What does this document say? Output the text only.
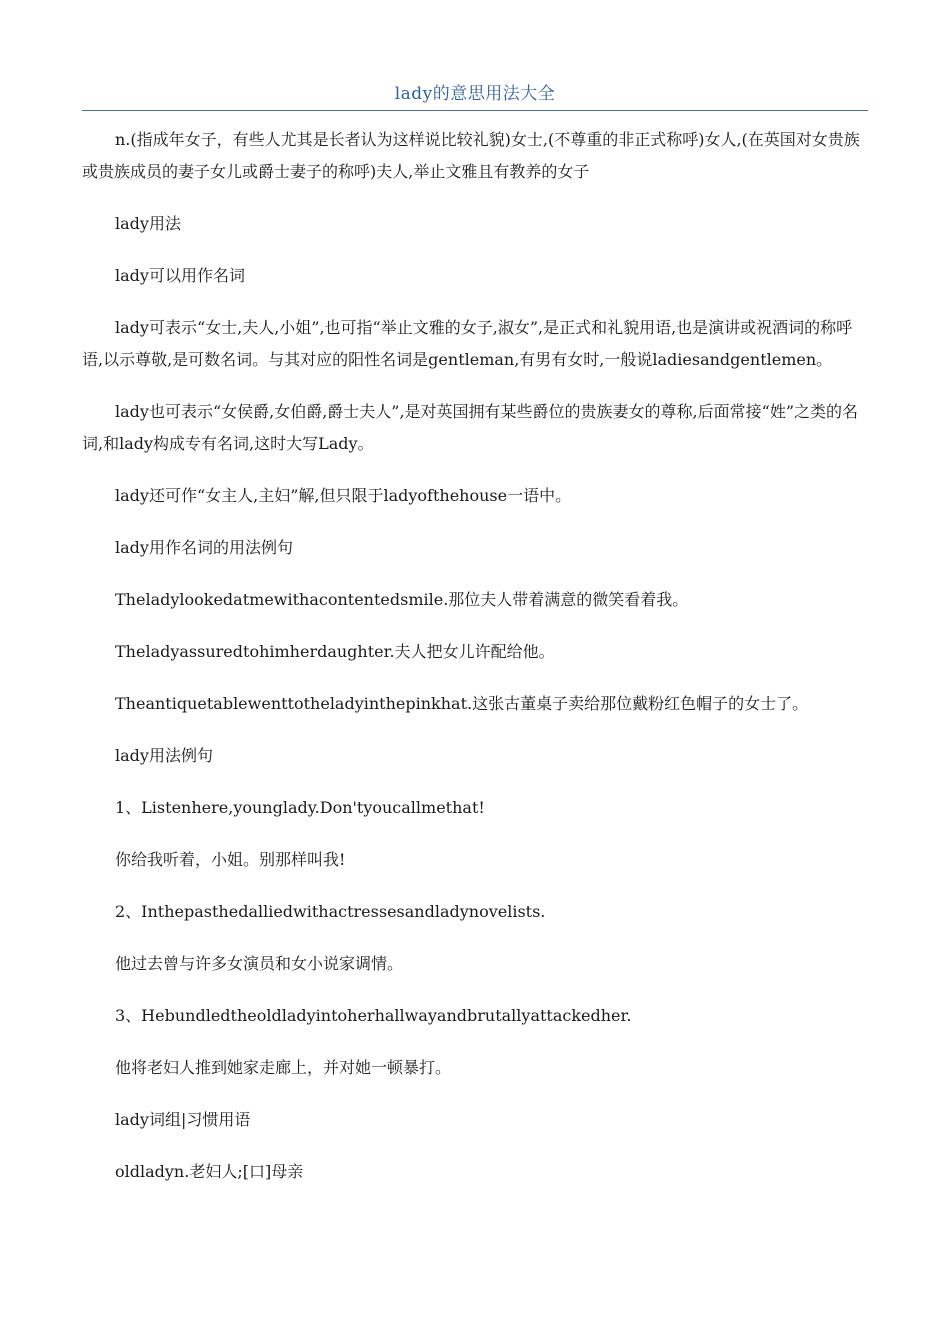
lady的意思用法大全

n.(指成年女子，有些人尤其是长者认为这样说比较礼貌)女士,(不尊重的非正式称呼)女人,(在英国对女贵族或贵族成员的妻子女儿或爵士妻子的称呼)夫人,举止文雅且有教养的女子

lady用法

lady可以用作名词

lady可表示“女士,夫人,小姐”,也可指“举止文雅的女子,淑女”,是正式和礼貌用语,也是演讲或祝酒词的称呼语,以示尊敬,是可数名词。与其对应的阳性名词是gentleman,有男有女时,一般说ladiesandgentlemen。

lady也可表示“女侯爵,女伯爵,爵士夫人”,是对英国拥有某些爵位的贵族妻女的尊称,后面常接“姓”之类的名词,和lady构成专有名词,这时大写Lady。

lady还可作“女主人,主妇”解,但只限于ladyofthehouse一语中。

lady用作名词的用法例句

Theladylookedatmewithacontentedsmile.那位夫人带着满意的微笑看着我。

Theladyassuredtohimherdaughter.夫人把女儿许配给他。

Theantiquetablewenttotheladyinthepinkhat.这张古董桌子卖给那位戴粉红色帽子的女士了。

lady用法例句

1、Listenhere,younglady.Don'tyoucallmethat!

你给我听着，小姐。别那样叫我!

2、Inthepasthedalliedwithactressesandladynovelists.

他过去曾与许多女演员和女小说家调情。

3、Hebundledtheoldladyintoherhallwayandbrutallyattackedher.

他将老妇人推到她家走廊上，并对她一顿暴打。

lady词组|习惯用语

oldladyn.老妇人;[口]母亲
